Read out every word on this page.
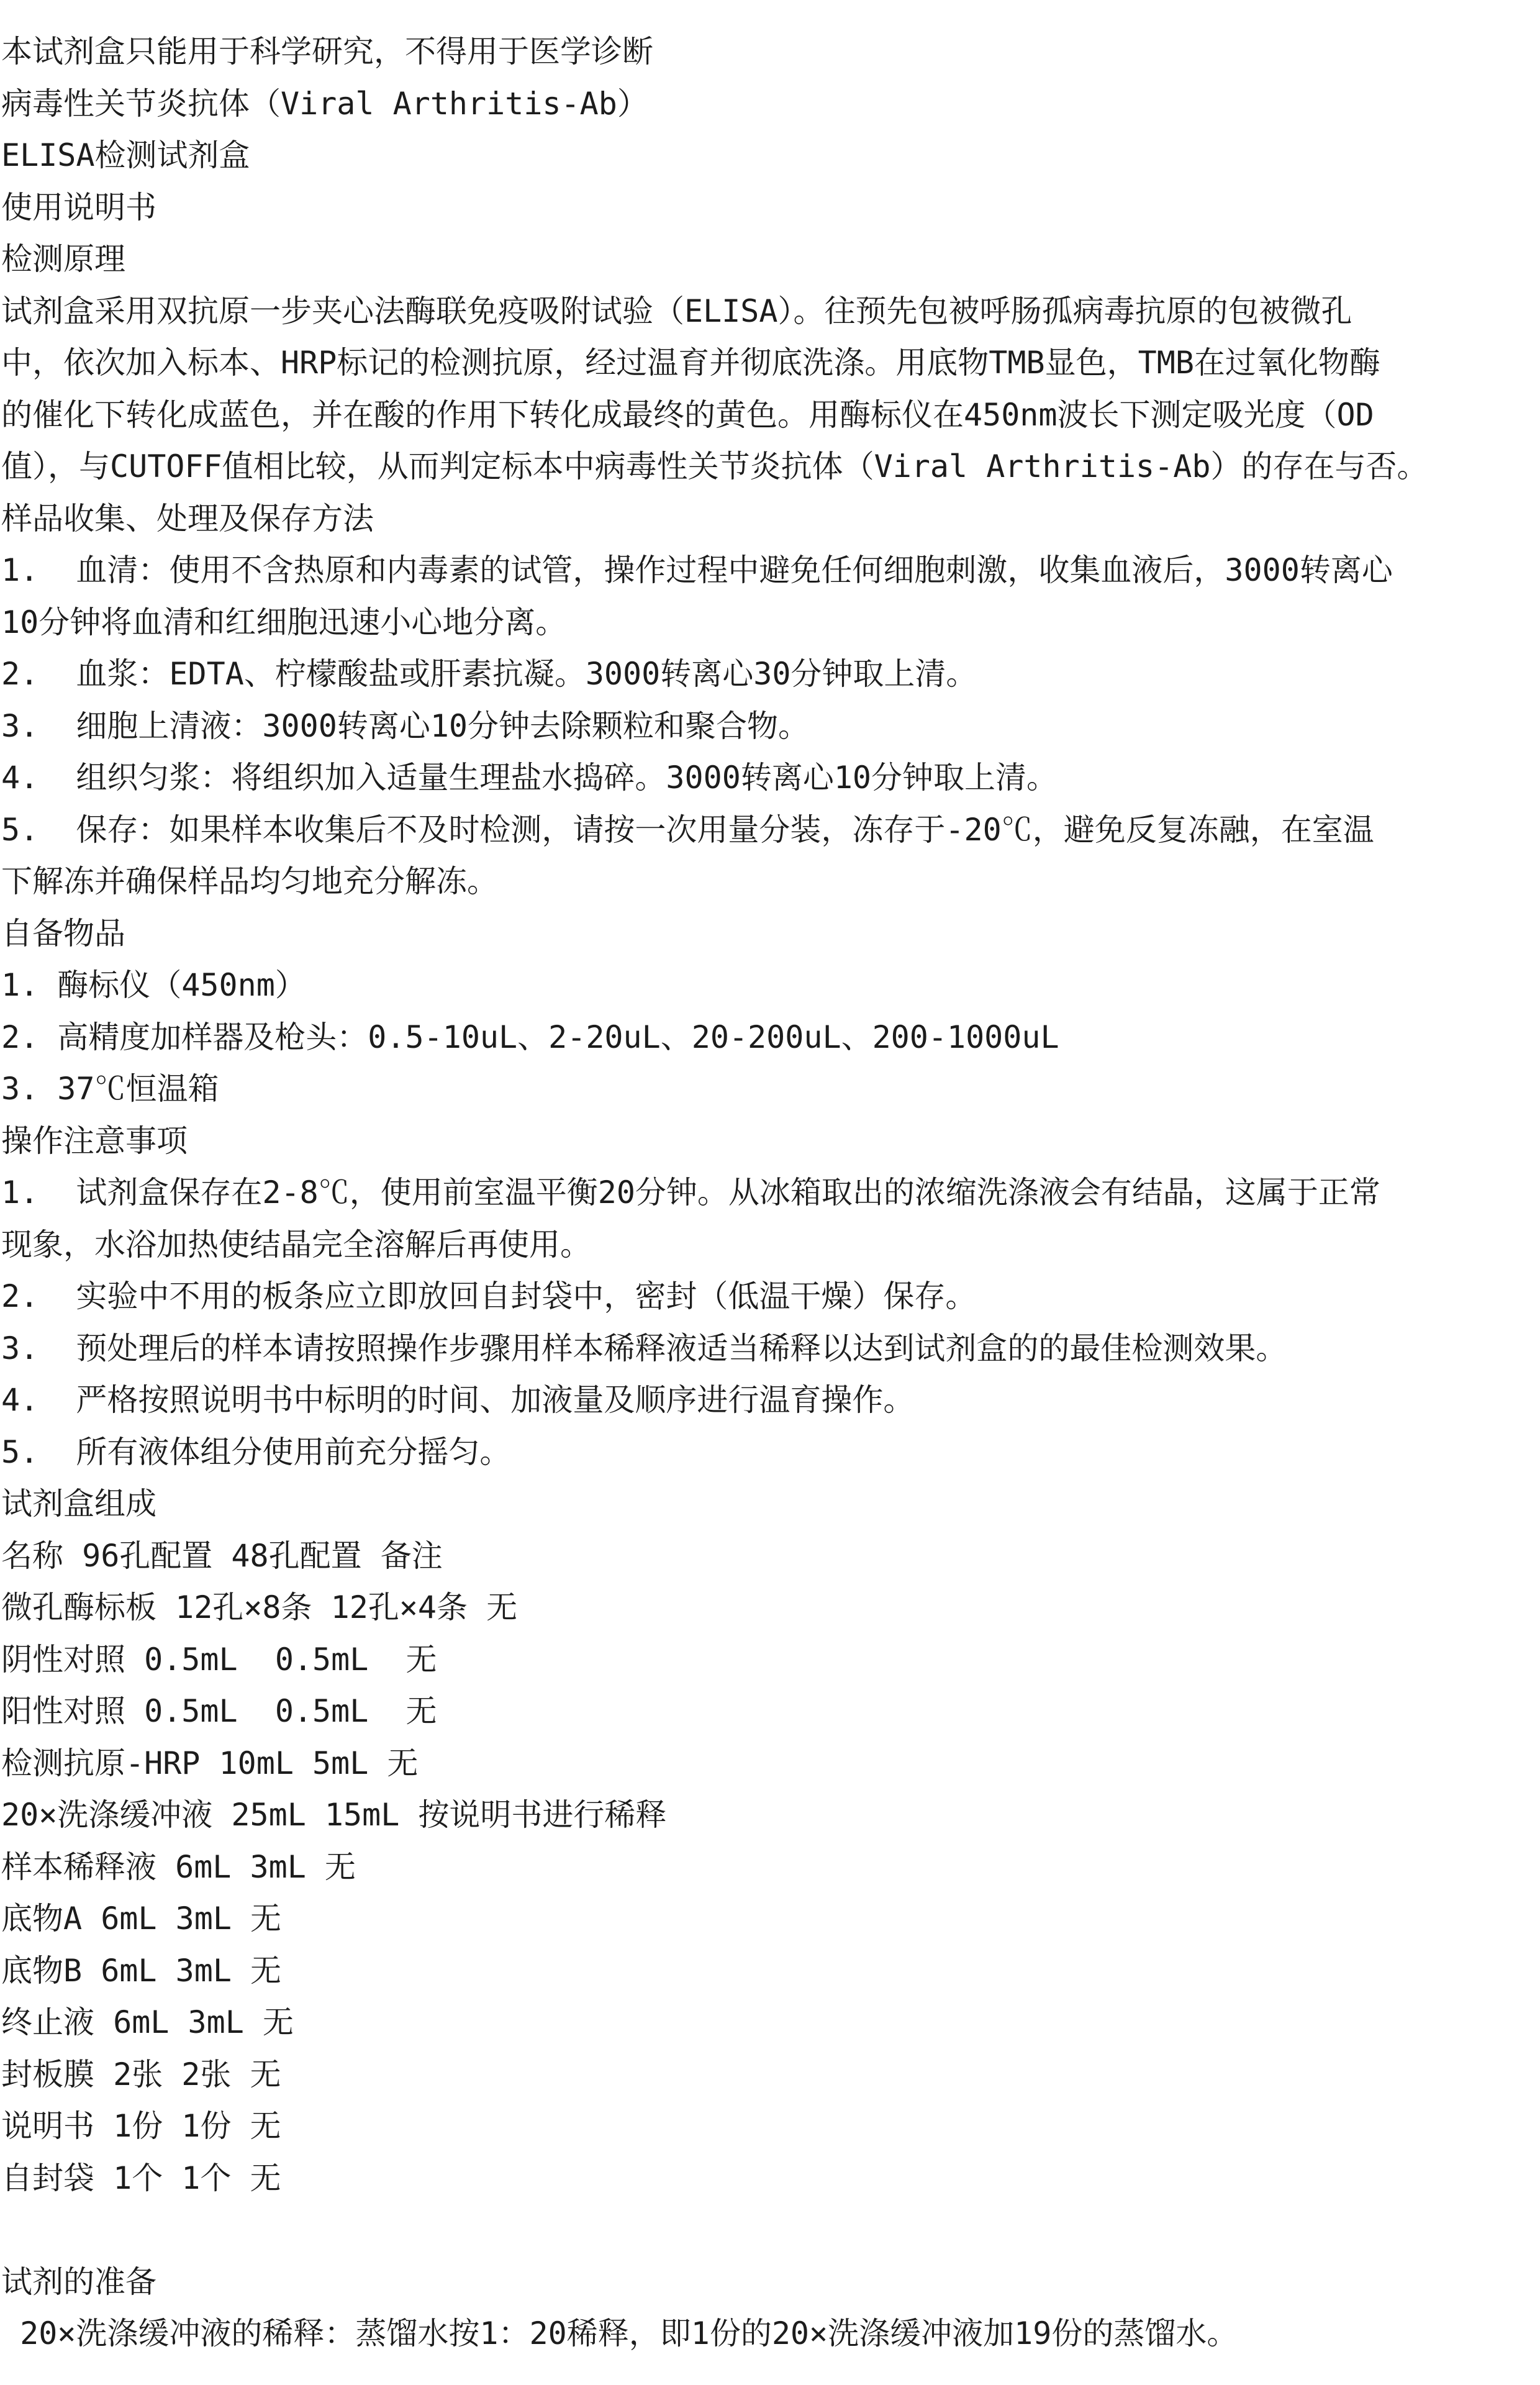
本试剂盒只能用于科学研究，不得用于医学诊断
病毒性关节炎抗体（Viral Arthritis-Ab）
ELISA检测试剂盒
使用说明书
检测原理
试剂盒采用双抗原一步夹心法酶联免疫吸附试验（ELISA）。往预先包被呼肠孤病毒抗原的包被微孔
中，依次加入标本、HRP标记的检测抗原，经过温育并彻底洗涤。用底物TMB显色，TMB在过氧化物酶
的催化下转化成蓝色，并在酸的作用下转化成最终的黄色。用酶标仪在450nm波长下测定吸光度（OD
值），与CUTOFF值相比较，从而判定标本中病毒性关节炎抗体（Viral Arthritis-Ab）的存在与否。
样品收集、处理及保存方法
1.  血清：使用不含热原和内毒素的试管，操作过程中避免任何细胞刺激，收集血液后，3000转离心
10分钟将血清和红细胞迅速小心地分离。
2.  血浆：EDTA、柠檬酸盐或肝素抗凝。3000转离心30分钟取上清。
3.  细胞上清液：3000转离心10分钟去除颗粒和聚合物。
4.  组织匀浆：将组织加入适量生理盐水捣碎。3000转离心10分钟取上清。
5.  保存：如果样本收集后不及时检测，请按一次用量分装，冻存于-20℃，避免反复冻融，在室温
下解冻并确保样品均匀地充分解冻。
自备物品
1. 酶标仪（450nm）
2. 高精度加样器及枪头：0.5-10uL、2-20uL、20-200uL、200-1000uL
3. 37℃恒温箱
操作注意事项
1.  试剂盒保存在2-8℃，使用前室温平衡20分钟。从冰箱取出的浓缩洗涤液会有结晶，这属于正常
现象，水浴加热使结晶完全溶解后再使用。
2.  实验中不用的板条应立即放回自封袋中，密封（低温干燥）保存。
3.  预处理后的样本请按照操作步骤用样本稀释液适当稀释以达到试剂盒的的最佳检测效果。
4.  严格按照说明书中标明的时间、加液量及顺序进行温育操作。
5.  所有液体组分使用前充分摇匀。
试剂盒组成
名称 96孔配置 48孔配置 备注
微孔酶标板 12孔×8条 12孔×4条 无
阴性对照 0.5mL  0.5mL  无
阳性对照 0.5mL  0.5mL  无
检测抗原-HRP 10mL 5mL 无
20×洗涤缓冲液 25mL 15mL 按说明书进行稀释
样本稀释液 6mL 3mL 无
底物A 6mL 3mL 无
底物B 6mL 3mL 无
终止液 6mL 3mL 无
封板膜 2张 2张 无
说明书 1份 1份 无
自封袋 1个 1个 无
试剂的准备
20×洗涤缓冲液的稀释：蒸馏水按1：20稀释，即1份的20×洗涤缓冲液加19份的蒸馏水。
